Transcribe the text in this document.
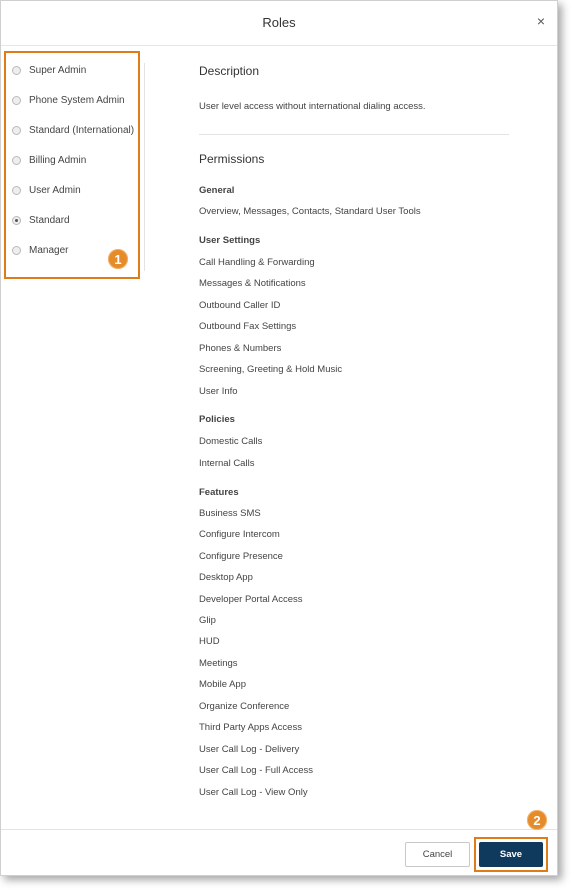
Roles	×
Super Admin
Phone System Admin
Standard (International)
Billing Admin
User Admin
Standard
Manager
1
Description
User level access without international dialing access.
Permissions
General
Overview, Messages, Contacts, Standard User Tools
User Settings
Call Handling & Forwarding
Messages & Notifications
Outbound Caller ID
Outbound Fax Settings
Phones & Numbers
Screening, Greeting & Hold Music
User Info
Policies
Domestic Calls
Internal Calls
Features
Business SMS
Configure Intercom
Configure Presence
Desktop App
Developer Portal Access
Glip
HUD
Meetings
Mobile App
Organize Conference
Third Party Apps Access
User Call Log - Delivery
User Call Log - Full Access
User Call Log - View Only
Cancel	Save
2
